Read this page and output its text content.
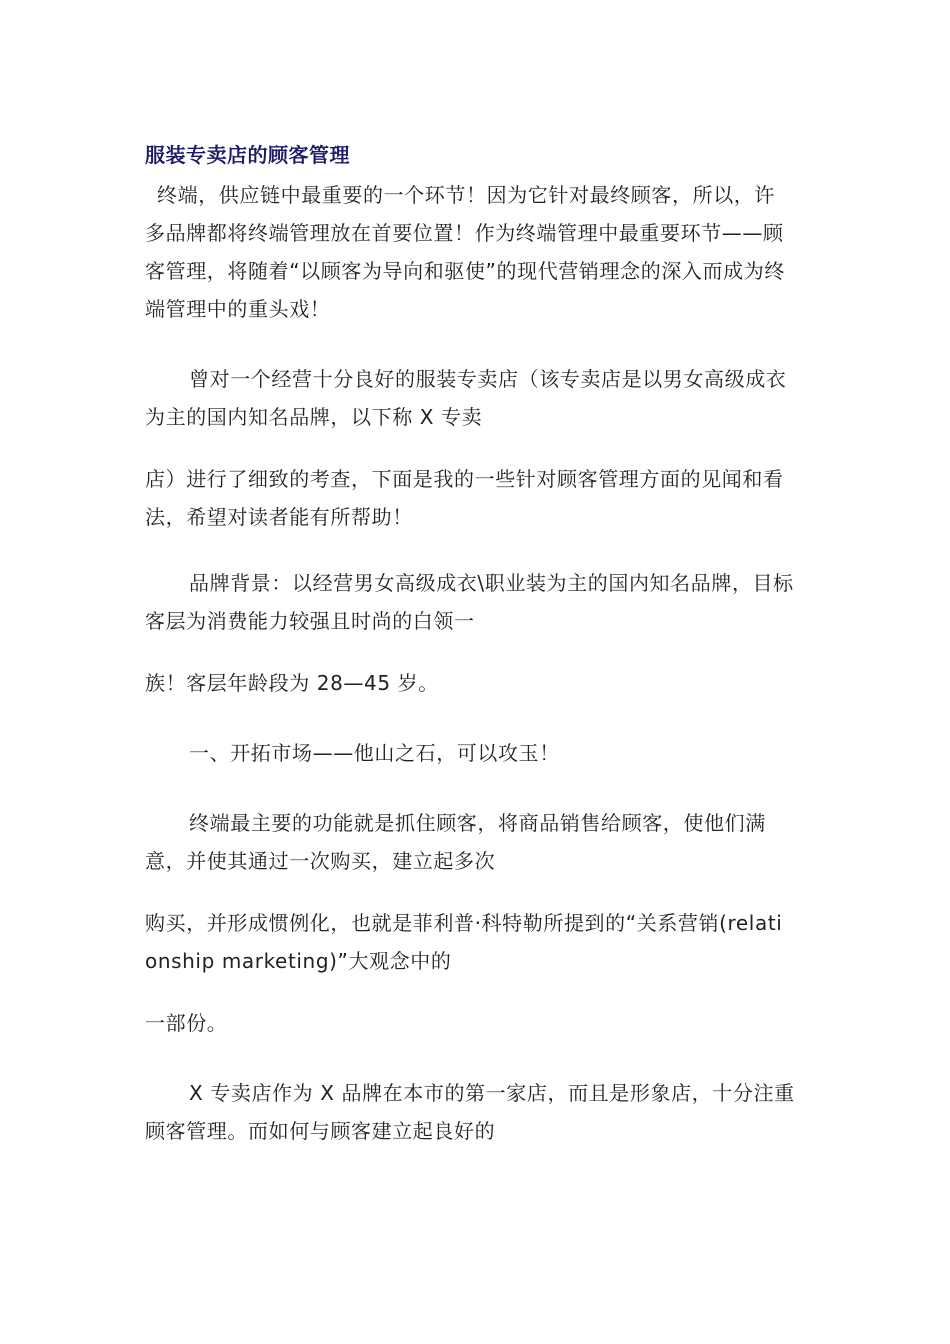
服装专卖店的顾客管理

终端，供应链中最重要的一个环节！因为它针对最终顾客，所以，许多品牌都将终端管理放在首要位置！作为终端管理中最重要环节——顾客管理，将随着“以顾客为导向和驱使”的现代营销理念的深入而成为终端管理中的重头戏！

曾对一个经营十分良好的服装专卖店（该专卖店是以男女高级成衣为主的国内知名品牌，以下称 X 专卖

店）进行了细致的考查，下面是我的一些针对顾客管理方面的见闻和看法，希望对读者能有所帮助！

品牌背景：以经营男女高级成衣\职业装为主的国内知名品牌，目标客层为消费能力较强且时尚的白领一

族！客层年龄段为 28—45 岁。

一、开拓市场——他山之石，可以攻玉！

终端最主要的功能就是抓住顾客，将商品销售给顾客，使他们满意，并使其通过一次购买，建立起多次

购买，并形成惯例化，也就是菲利普·科特勒所提到的“关系营销(relationship marketing)”大观念中的

一部份。

X 专卖店作为 X 品牌在本市的第一家店，而且是形象店，十分注重顾客管理。而如何与顾客建立起良好的
